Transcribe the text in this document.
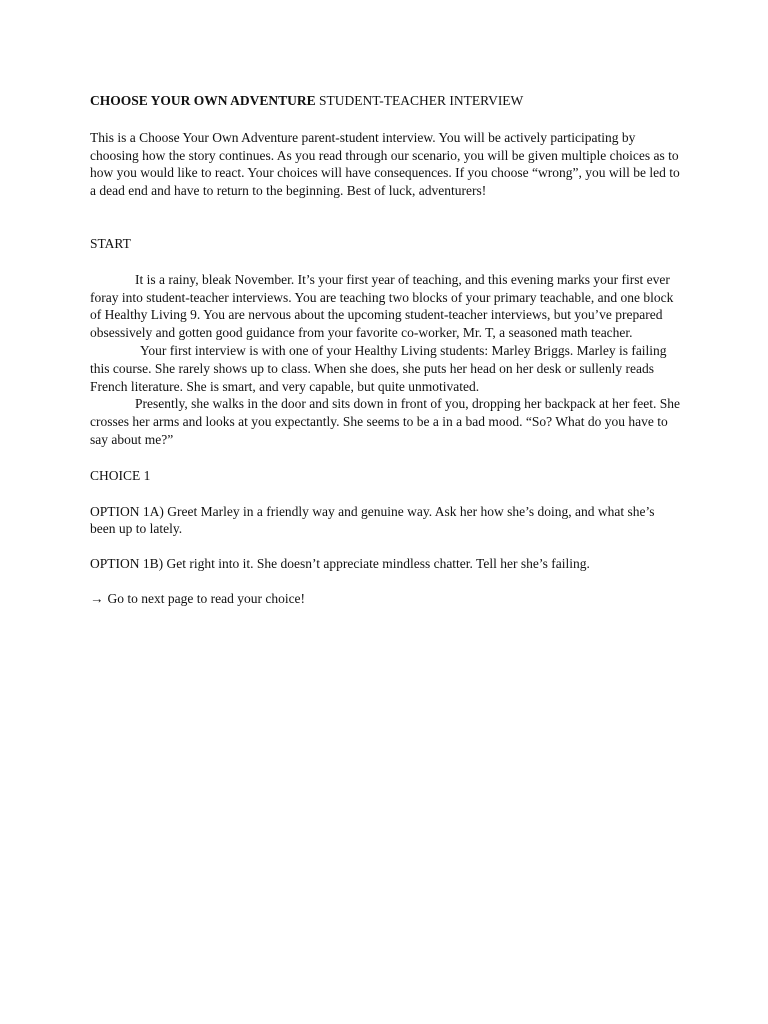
CHOOSE YOUR OWN ADVENTURE STUDENT-TEACHER INTERVIEW

This is a Choose Your Own Adventure parent-student interview. You will be actively participating by choosing how the story continues. As you read through our scenario, you will be given multiple choices as to how you would like to react. Your choices will have consequences. If you choose “wrong”, you will be led to a dead end and have to return to the beginning. Best of luck, adventurers!

START

It is a rainy, bleak November. It’s your first year of teaching, and this evening marks your first ever foray into student-teacher interviews. You are teaching two blocks of your primary teachable, and one block of Healthy Living 9. You are nervous about the upcoming student-teacher interviews, but you’ve prepared obsessively and gotten good guidance from your favorite co-worker, Mr. T, a seasoned math teacher.

Your first interview is with one of your Healthy Living students: Marley Briggs. Marley is failing this course. She rarely shows up to class. When she does, she puts her head on her desk or sullenly reads French literature. She is smart, and very capable, but quite unmotivated.

Presently, she walks in the door and sits down in front of you, dropping her backpack at her feet. She crosses her arms and looks at you expectantly. She seems to be a in a bad mood. “So? What do you have to say about me?”

CHOICE 1

OPTION 1A) Greet Marley in a friendly way and genuine way. Ask her how she’s doing, and what she’s been up to lately.

OPTION 1B) Get right into it. She doesn’t appreciate mindless chatter. Tell her she’s failing.

→ Go to next page to read your choice!
